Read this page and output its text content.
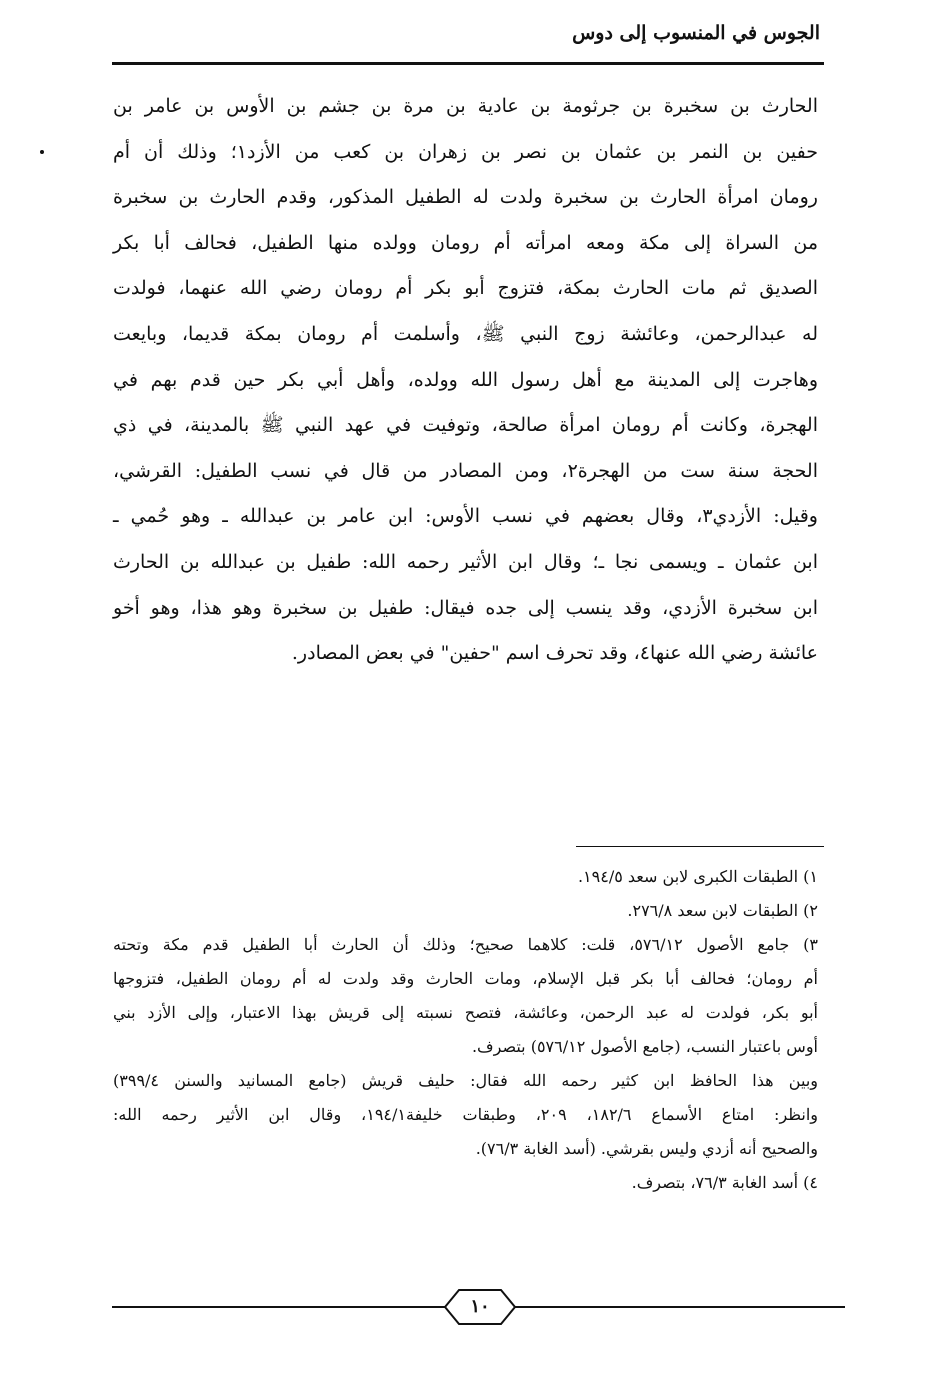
الجوس في المنسوب إلى دوس
الحارث بن سخبرة بن جرثومة بن عادية بن مرة بن جشم بن الأوس بن عامر بن
حفين بن النمر بن عثمان بن نصر بن زهران بن كعب من الأزد١؛ وذلك أن أم
رومان امرأة الحارث بن سخبرة ولدت له الطفيل المذكور، وقدم الحارث بن سخبرة
من السراة إلى مكة ومعه امرأته أم رومان وولده منها الطفيل، فحالف أبا بكر
الصديق ثم مات الحارث بمكة، فتزوج أبو بكر أم رومان رضي الله عنهما، فولدت
له عبدالرحمن، وعائشة زوج النبي ﷺ، وأسلمت أم رومان بمكة قديما، وبايعت
وهاجرت إلى المدينة مع أهل رسول الله وولده، وأهل أبي بكر حين قدم بهم في
الهجرة، وكانت أم رومان امرأة صالحة، وتوفيت في عهد النبي ﷺ بالمدينة، في ذي
الحجة سنة ست من الهجرة٢، ومن المصادر من قال في نسب الطفيل: القرشي،
وقيل: الأزدي٣، وقال بعضهم في نسب الأوس: ابن عامر بن عبدالله ـ وهو حُمي ـ
ابن عثمان ـ ويسمى نجا ـ؛ وقال ابن الأثير رحمه الله: طفيل بن عبدالله بن الحارث
ابن سخبرة الأزدي، وقد ينسب إلى جده فيقال: طفيل بن سخبرة وهو هذا، وهو أخو
عائشة رضي الله عنها٤، وقد تحرف اسم "حفين" في بعض المصادر.
١) الطبقات الكبرى لابن سعد ١٩٤/٥.
٢) الطبقات لابن سعد ٢٧٦/٨.
٣) جامع الأصول ٥٧٦/١٢، قلت: كلاهما صحيح؛ وذلك أن الحارث أبا الطفيل قدم مكة وتحته
أم رومان؛ فحالف أبا بكر قبل الإسلام، ومات الحارث وقد ولدت له أم رومان الطفيل، فتزوجها
أبو بكر، فولدت له عبد الرحمن، وعائشة، فتصح نسبته إلى قريش بهذا الاعتبار، وإلى الأزد بني
أوس باعتبار النسب، (جامع الأصول ٥٧٦/١٢) بتصرف.
وبين هذا الحافظ ابن كثير رحمه الله فقال: حليف قريش (جامع المسانيد والسنن ٣٩٩/٤)
وانظر: امتاع الأسماع ١٨٢/٦، ٢٠٩، وطبقات خليفة١٩٤/١، وقال ابن الأثير رحمه الله:
والصحيح أنه أزدي وليس بقرشي. (أسد الغابة ٧٦/٣).
٤) أسد الغابة ٧٦/٣، بتصرف.
١٠
